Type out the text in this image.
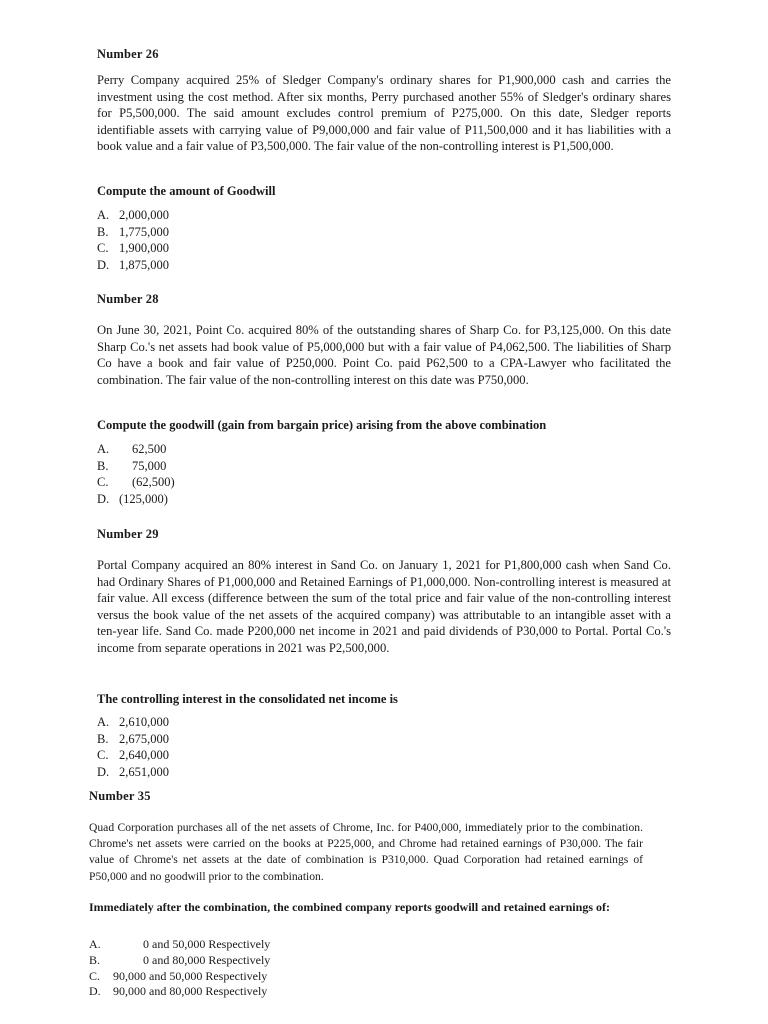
Number 26
Perry Company acquired 25% of Sledger Company's ordinary shares for P1,900,000 cash and carries the investment using the cost method. After six months, Perry purchased another 55% of Sledger's ordinary shares for P5,500,000. The said amount excludes control premium of P275,000. On this date, Sledger reports identifiable assets with carrying value of P9,000,000 and fair value of P11,500,000 and it has liabilities with a book value and a fair value of P3,500,000. The fair value of the non-controlling interest is P1,500,000.
Compute the amount of Goodwill
A. 2,000,000
B. 1,775,000
C. 1,900,000
D. 1,875,000
Number 28
On June 30, 2021, Point Co. acquired 80% of the outstanding shares of Sharp Co. for P3,125,000. On this date Sharp Co.'s net assets had book value of P5,000,000 but with a fair value of P4,062,500. The liabilities of Sharp Co have a book and fair value of P250,000. Point Co. paid P62,500 to a CPA-Lawyer who facilitated the combination. The fair value of the non-controlling interest on this date was P750,000.
Compute the goodwill (gain from bargain price) arising from the above combination
A.	62,500
B.	75,000
C.	(62,500)
D. (125,000)
Number 29
Portal Company acquired an 80% interest in Sand Co. on January 1, 2021 for P1,800,000 cash when Sand Co. had Ordinary Shares of P1,000,000 and Retained Earnings of P1,000,000. Non-controlling interest is measured at fair value. All excess (difference between the sum of the total price and fair value of the non-controlling interest versus the book value of the net assets of the acquired company) was attributable to an intangible asset with a ten-year life. Sand Co. made P200,000 net income in 2021 and paid dividends of P30,000 to Portal. Portal Co.'s income from separate operations in 2021 was P2,500,000.
The controlling interest in the consolidated net income is
A. 2,610,000
B. 2,675,000
C. 2,640,000
D. 2,651,000
Number 35
Quad Corporation purchases all of the net assets of Chrome, Inc. for P400,000, immediately prior to the combination. Chrome's net assets were carried on the books at P225,000, and Chrome had retained earnings of P30,000. The fair value of Chrome's net assets at the date of combination is P310,000. Quad Corporation had retained earnings of P50,000 and no goodwill prior to the combination.
Immediately after the combination, the combined company reports goodwill and retained earnings of:
A.	0 and 50,000 Respectively
B.	0 and 80,000 Respectively
C.	90,000 and 50,000 Respectively
D.	90,000 and 80,000 Respectively
